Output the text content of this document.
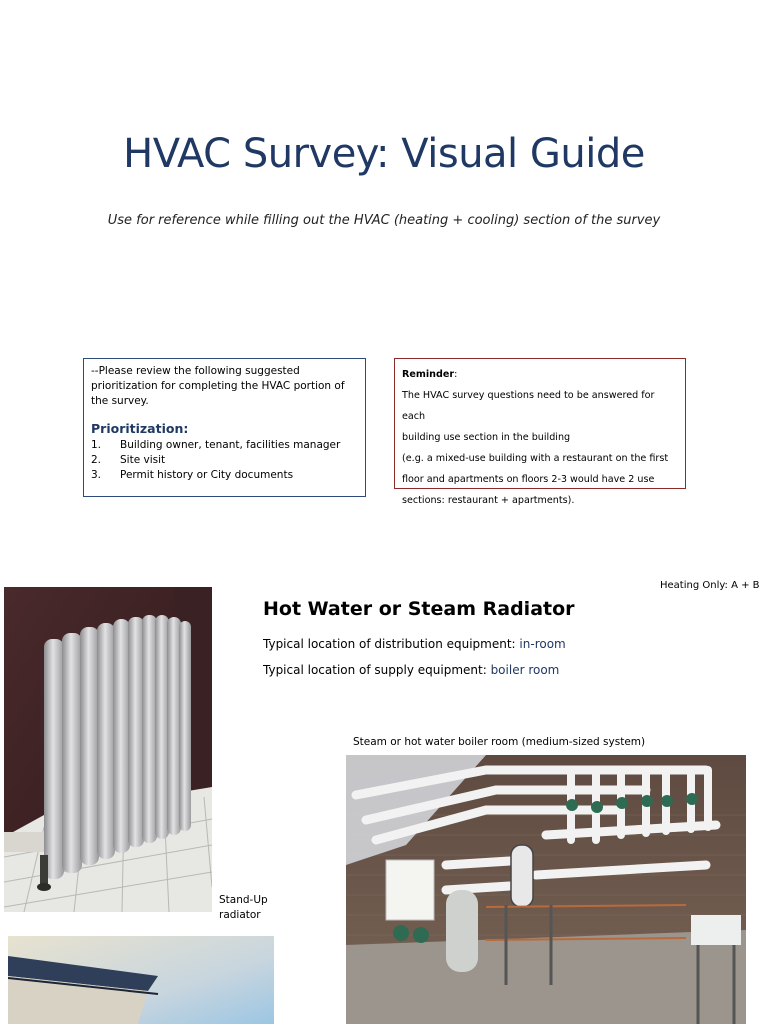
HVAC Survey: Visual Guide
Use for reference while filling out the HVAC (heating + cooling) section of the survey

--Please review the following suggested prioritization for completing the HVAC portion of the survey.

Prioritization:
1.	Building owner, tenant, facilities manager
2.	Site visit
3.	Permit history or City documents
Reminder:
The HVAC survey questions need to be answered for each
building use section in the building
(e.g. a mixed-use building with a restaurant on the first
floor and apartments on floors 2-3 would have 2 use
sections: restaurant + apartments).
Heating Only: A + B
Hot Water or Steam Radiator
Typical location of distribution equipment: in-room
Typical location of supply equipment: boiler room
Stand-Up
radiator
Steam or hot water boiler room (medium-sized system)
